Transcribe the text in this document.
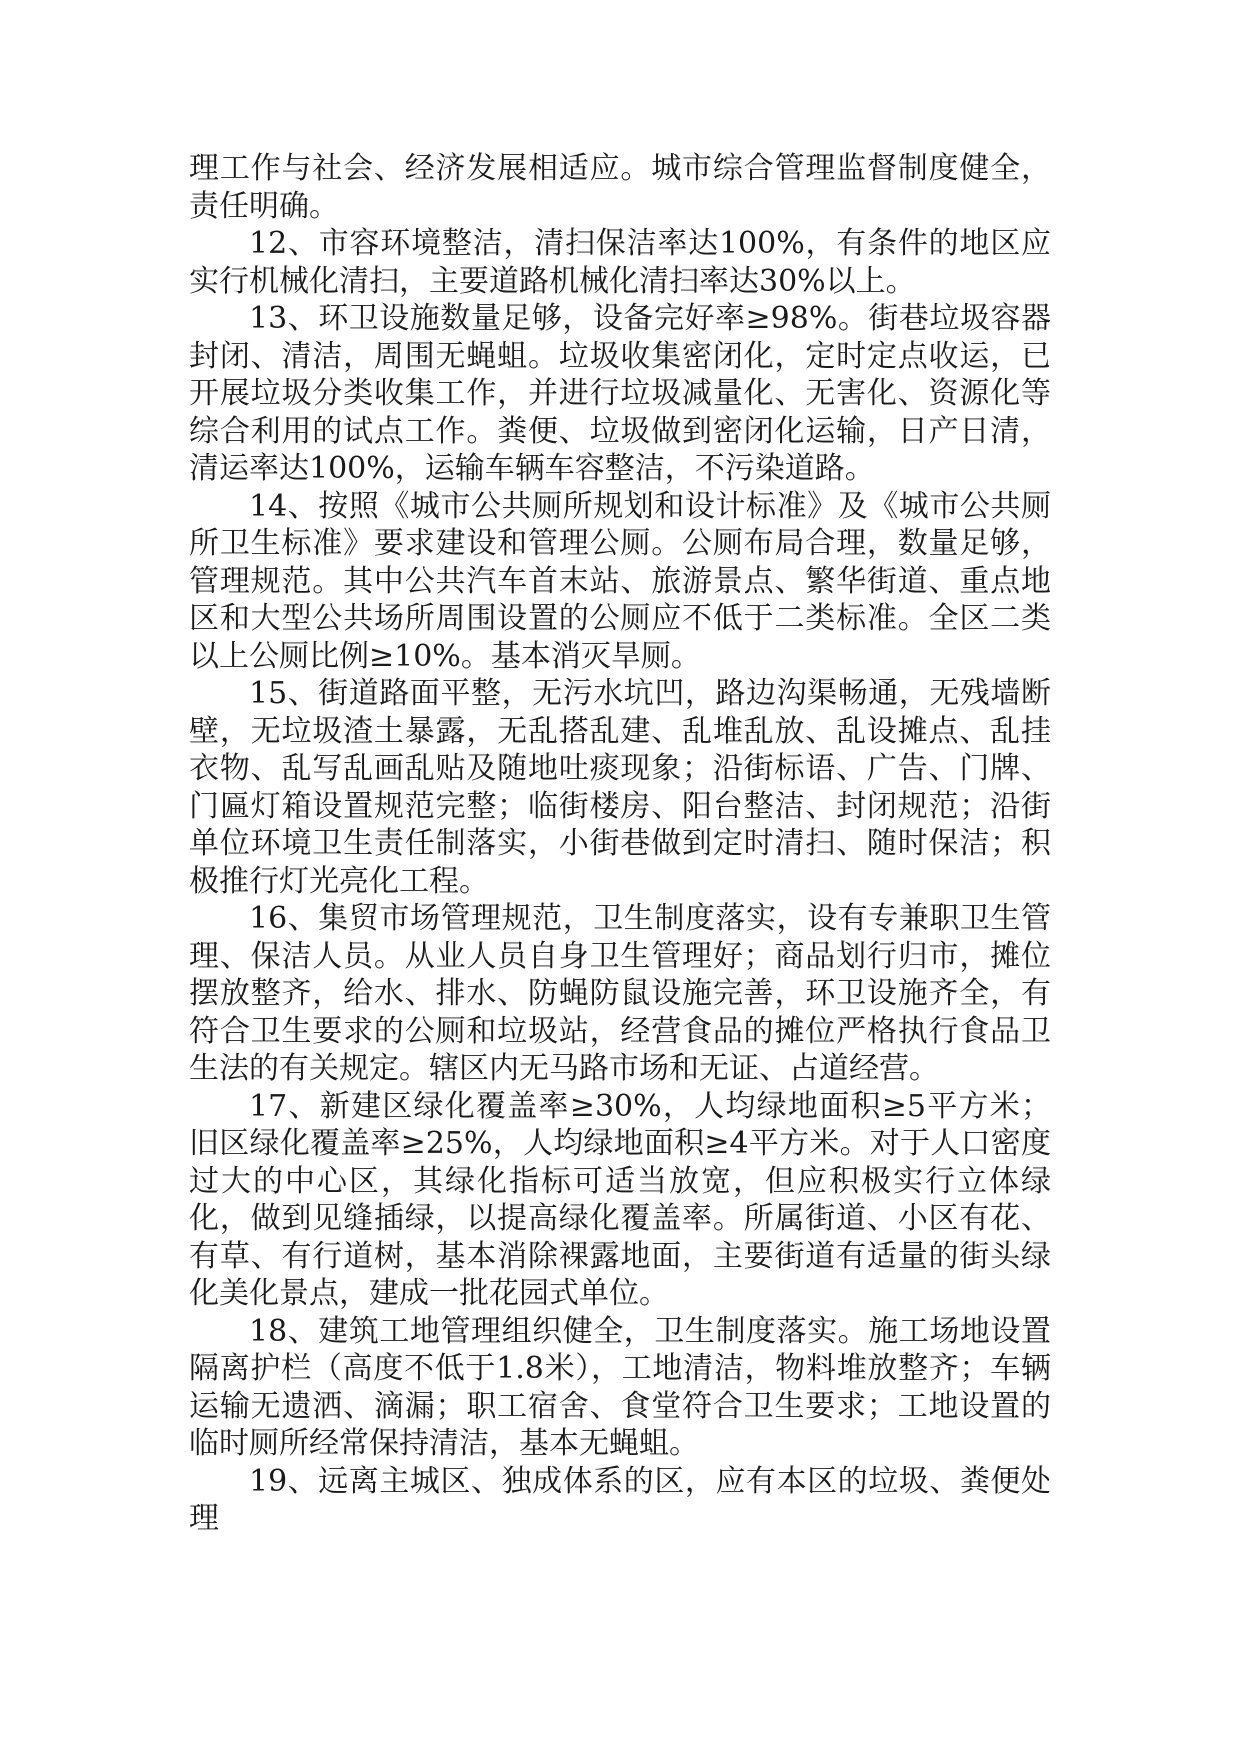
理工作与社会、经济发展相适应。城市综合管理监督制度健全，责任明确。

12、市容环境整洁，清扫保洁率达100%，有条件的地区应实行机械化清扫，主要道路机械化清扫率达30%以上。

13、环卫设施数量足够，设备完好率≥98%。街巷垃圾容器封闭、清洁，周围无蝇蛆。垃圾收集密闭化，定时定点收运，已开展垃圾分类收集工作，并进行垃圾减量化、无害化、资源化等综合利用的试点工作。粪便、垃圾做到密闭化运输，日产日清，清运率达100%，运输车辆车容整洁，不污染道路。

14、按照《城市公共厕所规划和设计标准》及《城市公共厕所卫生标准》要求建设和管理公厕。公厕布局合理，数量足够，管理规范。其中公共汽车首末站、旅游景点、繁华街道、重点地区和大型公共场所周围设置的公厕应不低于二类标准。全区二类以上公厕比例≥10%。基本消灭旱厕。

15、街道路面平整，无污水坑凹，路边沟渠畅通，无残墙断壁，无垃圾渣土暴露，无乱搭乱建、乱堆乱放、乱设摊点、乱挂衣物、乱写乱画乱贴及随地吐痰现象；沿街标语、广告、门牌、门匾灯箱设置规范完整；临街楼房、阳台整洁、封闭规范；沿街单位环境卫生责任制落实，小街巷做到定时清扫、随时保洁；积极推行灯光亮化工程。

16、集贸市场管理规范，卫生制度落实，设有专兼职卫生管理、保洁人员。从业人员自身卫生管理好；商品划行归市，摊位摆放整齐，给水、排水、防蝇防鼠设施完善，环卫设施齐全，有符合卫生要求的公厕和垃圾站，经营食品的摊位严格执行食品卫生法的有关规定。辖区内无马路市场和无证、占道经营。

17、新建区绿化覆盖率≥30%，人均绿地面积≥5平方米；旧区绿化覆盖率≥25%，人均绿地面积≥4平方米。对于人口密度过大的中心区，其绿化指标可适当放宽，但应积极实行立体绿化，做到见缝插绿，以提高绿化覆盖率。所属街道、小区有花、有草、有行道树，基本消除裸露地面，主要街道有适量的街头绿化美化景点，建成一批花园式单位。

18、建筑工地管理组织健全，卫生制度落实。施工场地设置隔离护栏（高度不低于1.8米），工地清洁，物料堆放整齐；车辆运输无遗洒、滴漏；职工宿舍、食堂符合卫生要求；工地设置的临时厕所经常保持清洁，基本无蝇蛆。

19、远离主城区、独成体系的区，应有本区的垃圾、粪便处理
